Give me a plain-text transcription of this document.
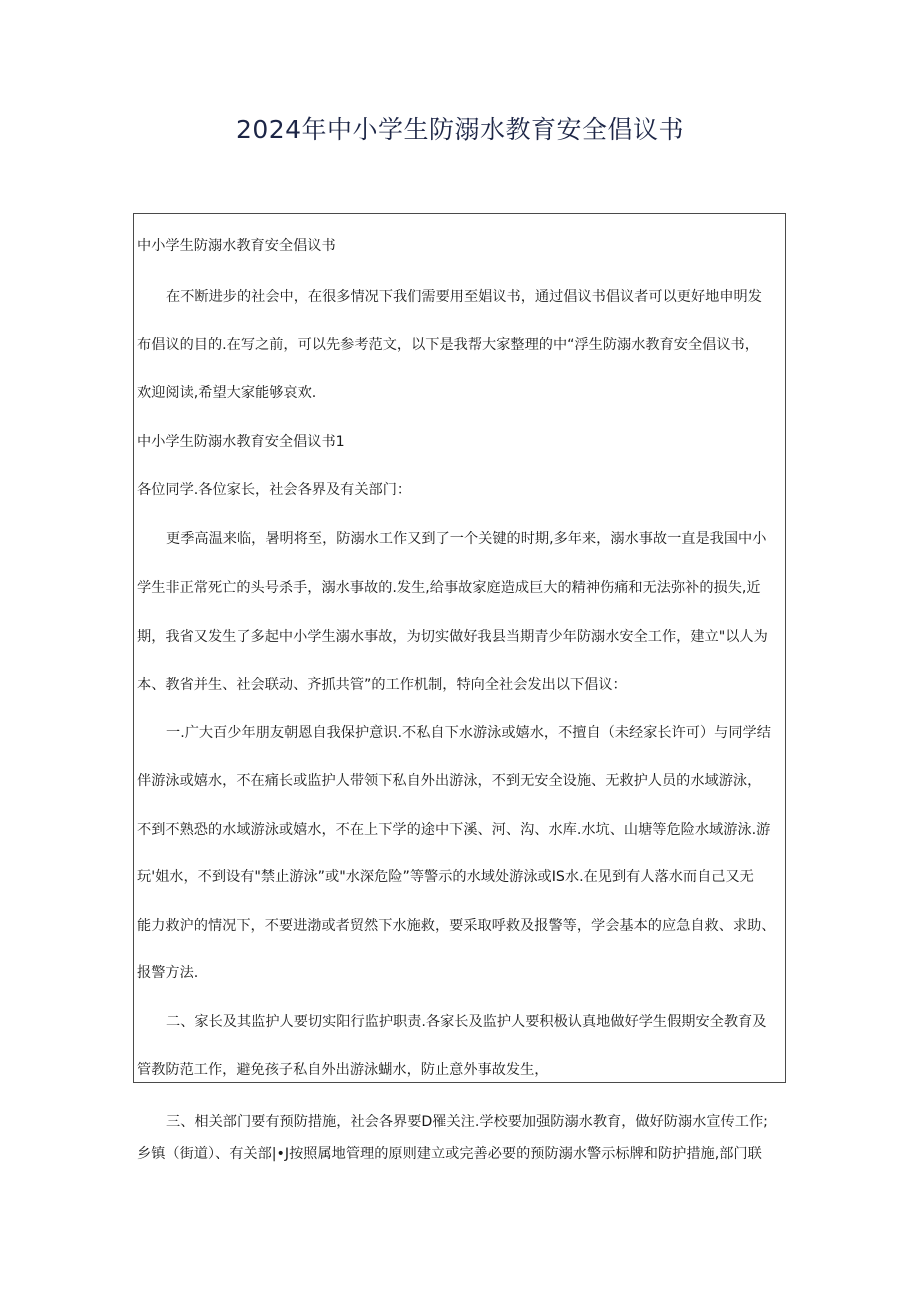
2024年中小学生防溺水教育安全倡议书

中小学生防溺水教育安全倡议书

在不断进步的社会中，在很多情况下我们需要用至娼议书，通过倡议书倡议者可以更好地申明发

布倡议的目的.在写之前，可以先参考范文，以下是我帮大家整理的中“浮生防溺水教育安全倡议书，

欢迎阅读,希望大家能够哀欢.

中小学生防溺水教育安全倡议书1

各位同学.各位家长，社会各界及有关部门：

更季高温来临，暑明将至，防溺水工作又到了一个关键的时期,多年来，溺水事故一直是我国中小

学生非正常死亡的头号杀手，溺水事故的.发生,给事故家庭造成巨大的精神伤痛和无法弥补的损失,近

期，我省又发生了多起中小学生溺水事故，为切实做好我县当期青少年防溺水安全工作，建立"以人为

本、教省并生、社会联动、齐抓共管”的工作机制，特向全社会发出以下倡议：

一.广大百少年朋友朝恩自我保护意识.不私自下水游泳或嬉水，不擅自（未经家长许可）与同学结

伴游泳或嬉水，不在痛长或监护人带领下私自外出游泳，不到无安全设施、无救护人员的水域游泳，

不到不熟恐的水域游泳或嬉水，不在上下学的途中下溪、河、沟、水库.水坑、山塘等危险水域游泳.游

玩'姐水，不到设有"禁止游泳”或"水深危险”等警示的水域处游泳或IS水.在见到有人落水而自己又无

能力救沪的情况下，不要进渤或者贸然下水施救，要采取呼救及报警等，学会基本的应急自救、求助、

报警方法.

二、家长及其监护人要切实阳行监护职责.各家长及监护人要积极认真地做好学生假期安全教育及

管教防范工作，避免孩子私自外出游泳蝴水，防止意外事故发生，

三、相关部门要有预防措施，社会各界要D罹关注.学校要加强防溺水教育，做好防溺水宣传工作;

乡镇（街道）、有关部|•J按照属地管理的原则建立或完善必要的预防溺水警示标牌和防护措施,部门联
